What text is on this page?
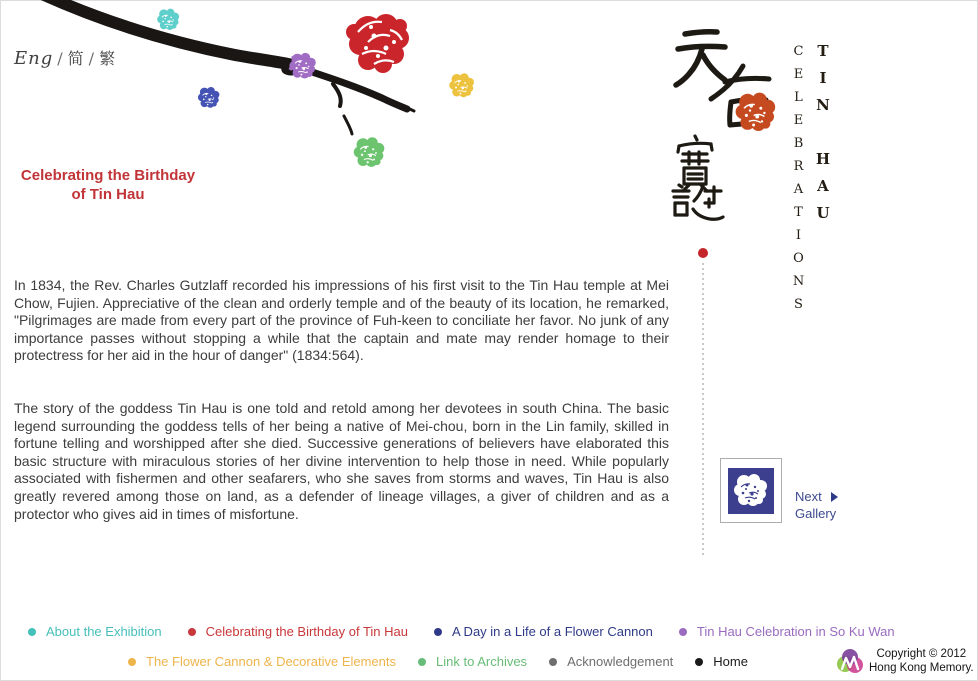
Eng / 简 / 繁
Celebrating the Birthday
of Tin Hau

In 1834, the Rev. Charles Gutzlaff recorded his impressions of his first visit to the Tin Hau temple at Mei Chow, Fujien. Appreciative of the clean and orderly temple and of the beauty of its location, he remarked, "Pilgrimages are made from every part of the province of Fuh-keen to conciliate her favor. No junk of any importance passes without stopping a while that the captain and mate may render homage to their protectress for her aid in the hour of danger" (1834:564).

The story of the goddess Tin Hau is one told and retold among her devotees in south China. The basic legend surrounding the goddess tells of her being a native of Mei-chou, born in the Lin family, skilled in fortune telling and worshipped after she died. Successive generations of believers have elaborated this basic structure with miraculous stories of her divine intervention to help those in need. While popularly associated with fishermen and other seafarers, who she saves from storms and waves, Tin Hau is also greatly revered among those on land, as a defender of lineage villages, a giver of children and as a protector who gives aid in times of misfortune.

CELEBRATIONS TIN HAU
Next
Gallery
About the Exhibition	Celebrating the Birthday of Tin Hau	A Day in a Life of a Flower Cannon	Tin Hau Celebration in So Ku Wan
The Flower Cannon & Decorative Elements	Link to Archives	Acknowledgement	Home	Copyright © 2012
Hong Kong Memory.
